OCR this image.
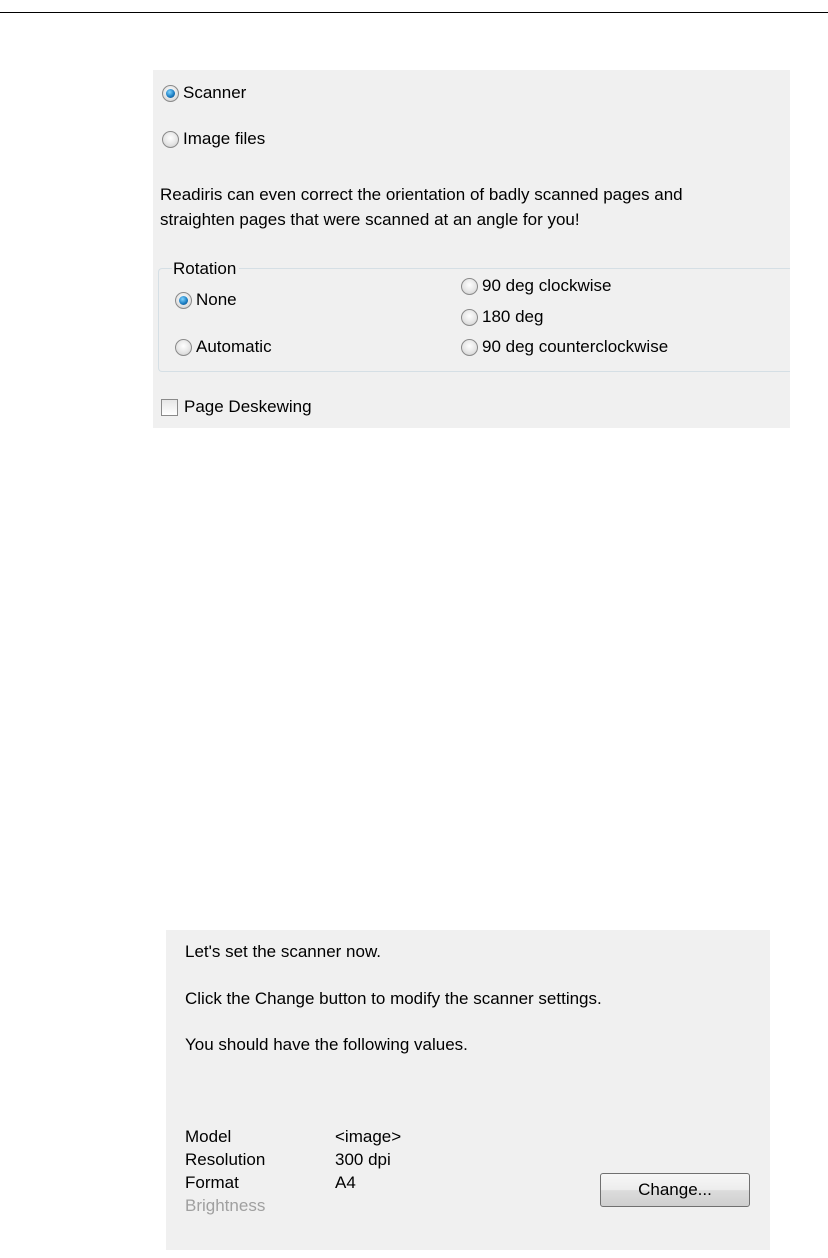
Scanner
Image files
Readiris can even correct the orientation of badly scanned pages and
straighten pages that were scanned at an angle for you!
Rotation
None
Automatic
90 deg clockwise
180 deg
90 deg counterclockwise
Page Deskewing
Let's set the scanner now.
Click the Change button to modify the scanner settings.
You should have the following values.
Model	<image>
Resolution	300 dpi
Format	A4
Brightness
Change...
